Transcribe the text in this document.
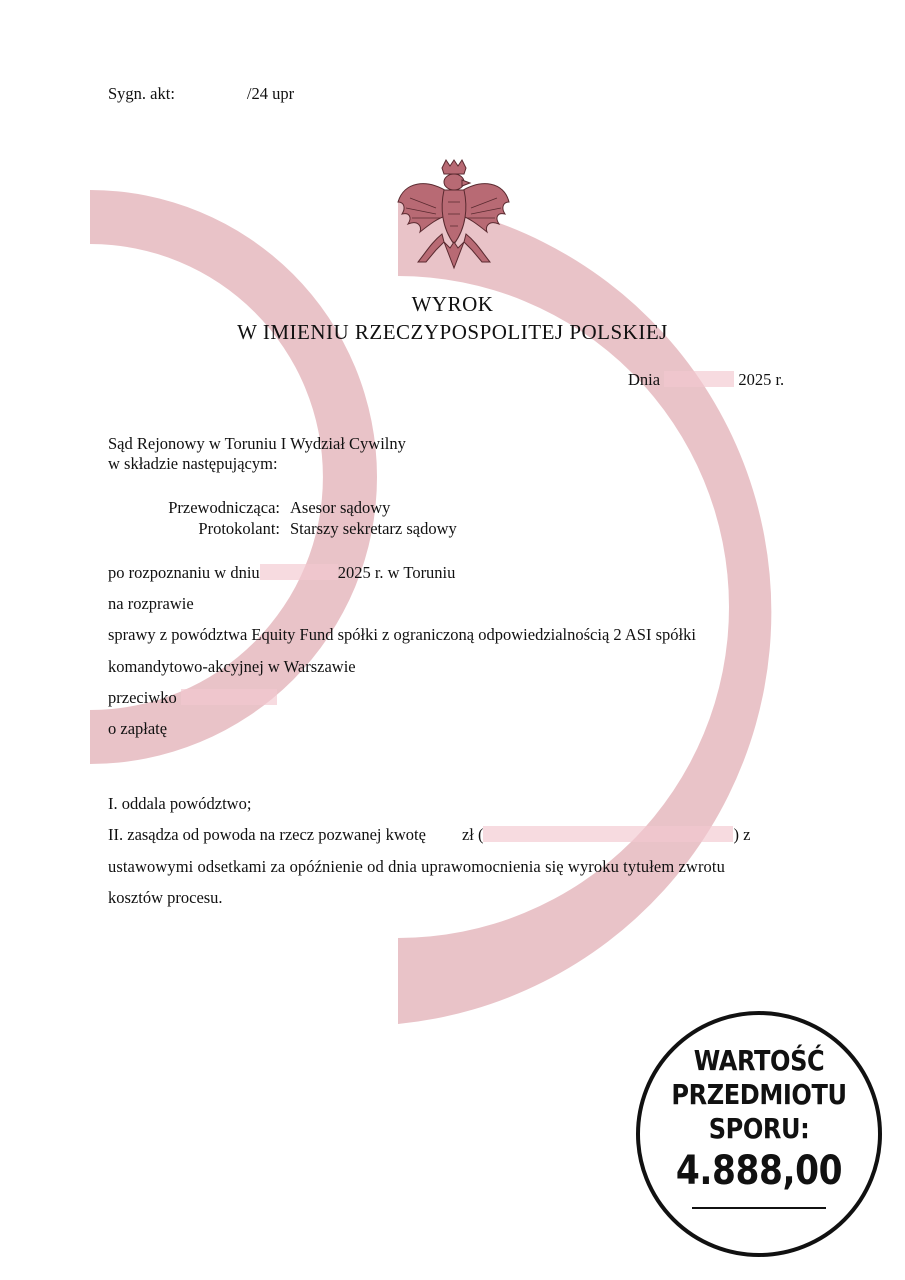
Sygn. akt:	/24 upr
WYROK
W IMIENIU RZECZYPOSPOLITEJ POLSKIEJ
Dnia	2025 r.
Sąd Rejonowy w Toruniu I Wydział Cywilny
w składzie następującym:
Przewodnicząca: Asesor sądowy
Protokolant: Starszy sekretarz sądowy
po rozpoznaniu w dniu	2025 r. w Toruniu
na rozprawie
sprawy z powództwa Equity Fund spółki z ograniczoną odpowiedzialnością 2 ASI spółki
komandytowo-akcyjnej w Warszawie
przeciwko
o zapłatę
I. oddala powództwo;
II. zasądza od powoda na rzecz pozwanej kwotę zł (	) z
ustawowymi odsetkami za opóźnienie od dnia uprawomocnienia się wyroku tytułem zwrotu
kosztów procesu.
WARTOŚĆ
PRZEDMIOTU
SPORU:
4.888,00
